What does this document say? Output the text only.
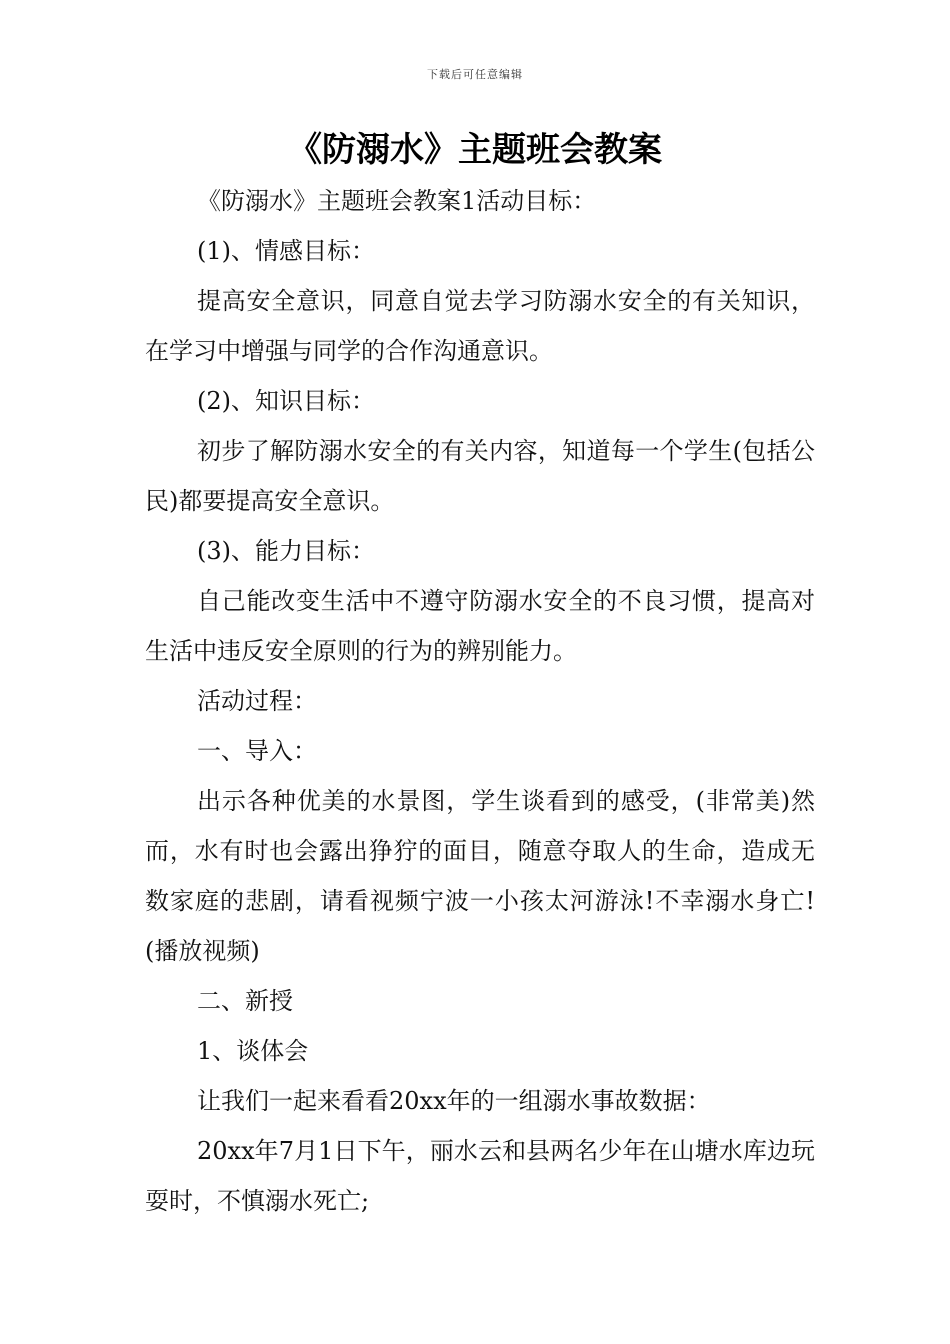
下载后可任意编辑
《防溺水》主题班会教案

《防溺水》主题班会教案1活动目标：

(1)、情感目标：

提高安全意识，同意自觉去学习防溺水安全的有关知识，在学习中增强与同学的合作沟通意识。

(2)、知识目标：

初步了解防溺水安全的有关内容，知道每一个学生(包括公民)都要提高安全意识。

(3)、能力目标：

自己能改变生活中不遵守防溺水安全的不良习惯，提高对生活中违反安全原则的行为的辨别能力。

活动过程：

一、导入：

出示各种优美的水景图，学生谈看到的感受，(非常美)然而，水有时也会露出狰狞的面目，随意夺取人的生命，造成无数家庭的悲剧，请看视频宁波一小孩太河游泳!不幸溺水身亡!(播放视频)

二、新授

1、谈体会

让我们一起来看看20xx年的一组溺水事故数据：

20xx年7月1日下午，丽水云和县两名少年在山塘水库边玩耍时，不慎溺水死亡;
